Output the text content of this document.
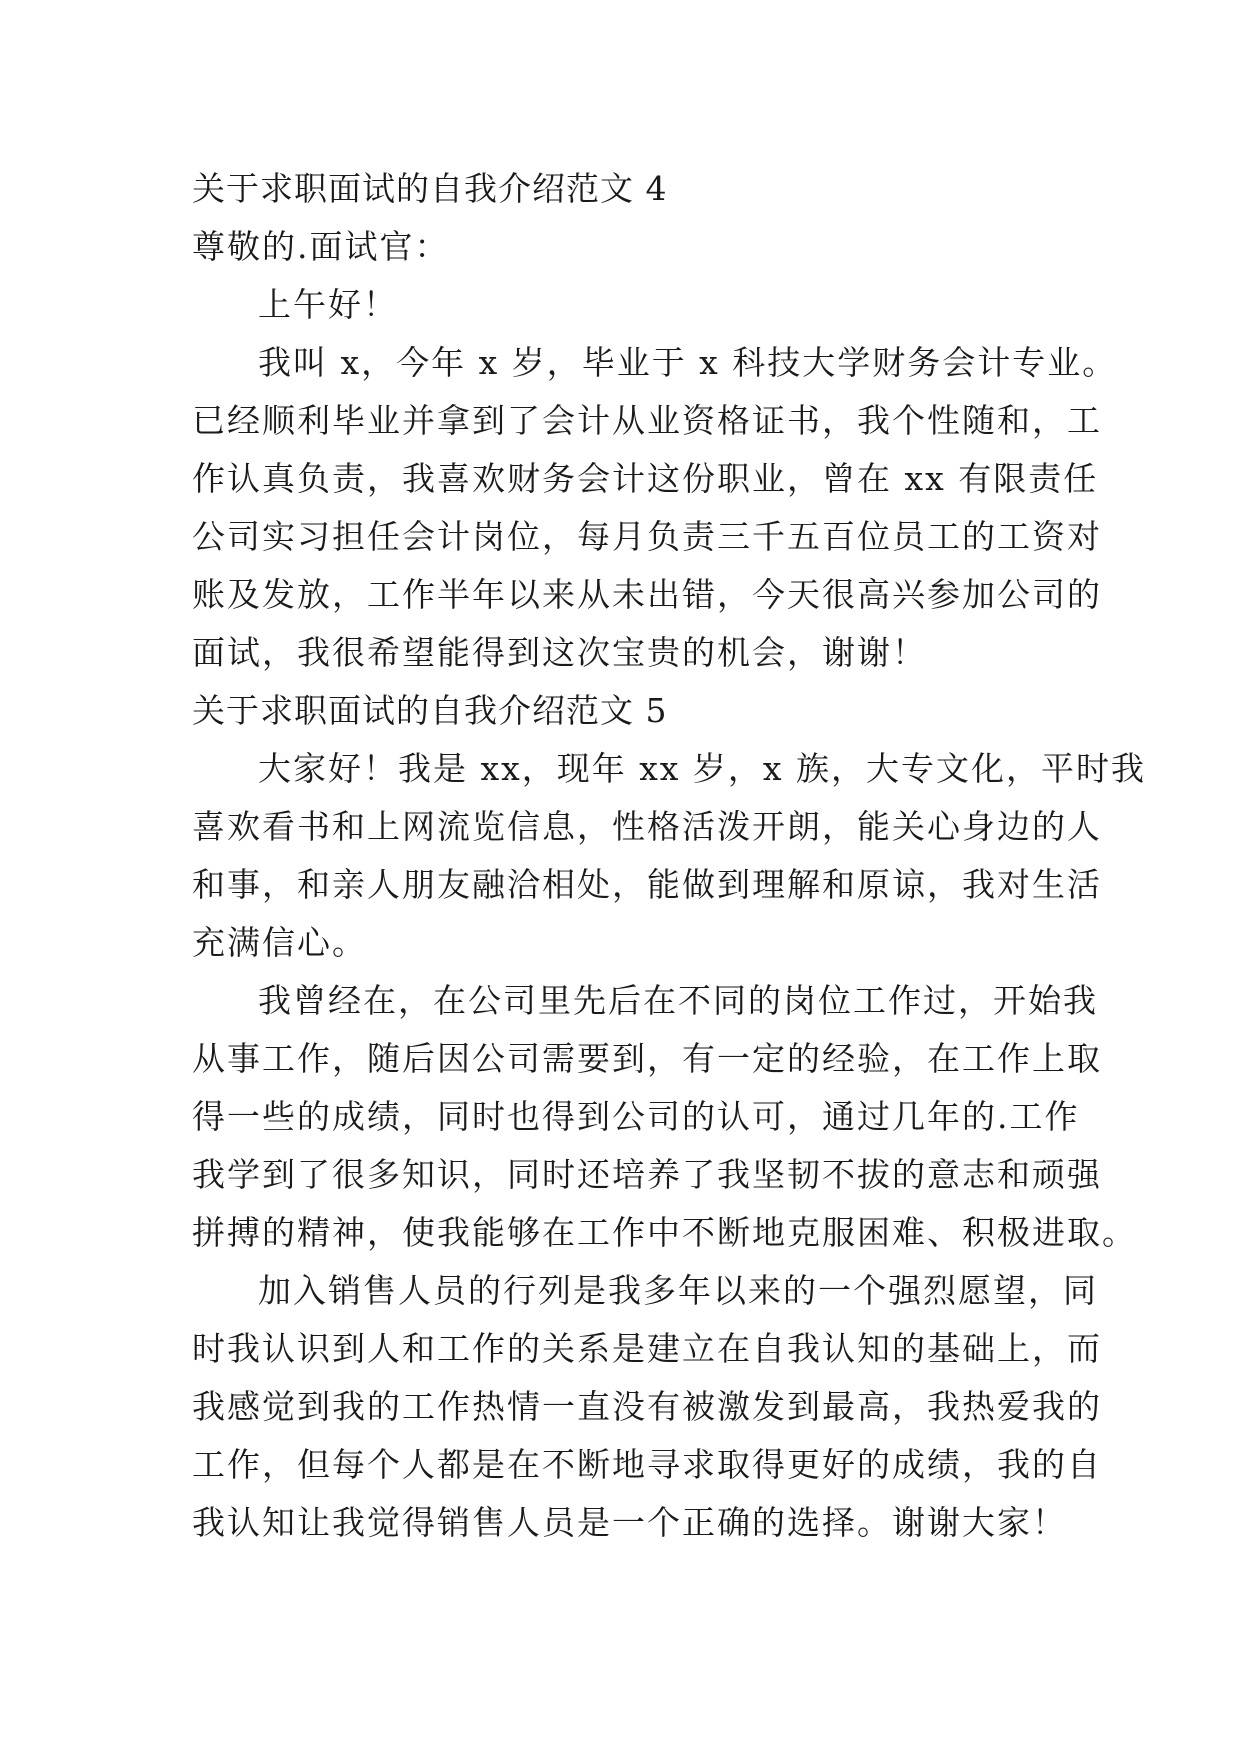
关于求职面试的自我介绍范文 4
尊敬的.面试官：
上午好！
我叫 x，今年 x 岁，毕业于 x 科技大学财务会计专业。
已经顺利毕业并拿到了会计从业资格证书，我个性随和，工
作认真负责，我喜欢财务会计这份职业，曾在 xx 有限责任
公司实习担任会计岗位，每月负责三千五百位员工的工资对
账及发放，工作半年以来从未出错，今天很高兴参加公司的
面试，我很希望能得到这次宝贵的机会，谢谢！
关于求职面试的自我介绍范文 5
大家好！我是 xx，现年 xx 岁，x 族，大专文化，平时我
喜欢看书和上网流览信息，性格活泼开朗，能关心身边的人
和事，和亲人朋友融洽相处，能做到理解和原谅，我对生活
充满信心。
我曾经在，在公司里先后在不同的岗位工作过，开始我
从事工作，随后因公司需要到，有一定的经验，在工作上取
得一些的成绩，同时也得到公司的认可，通过几年的.工作
我学到了很多知识，同时还培养了我坚韧不拔的意志和顽强
拼搏的精神，使我能够在工作中不断地克服困难、积极进取。
加入销售人员的行列是我多年以来的一个强烈愿望，同
时我认识到人和工作的关系是建立在自我认知的基础上，而
我感觉到我的工作热情一直没有被激发到最高，我热爱我的
工作，但每个人都是在不断地寻求取得更好的成绩，我的自
我认知让我觉得销售人员是一个正确的选择。谢谢大家！
